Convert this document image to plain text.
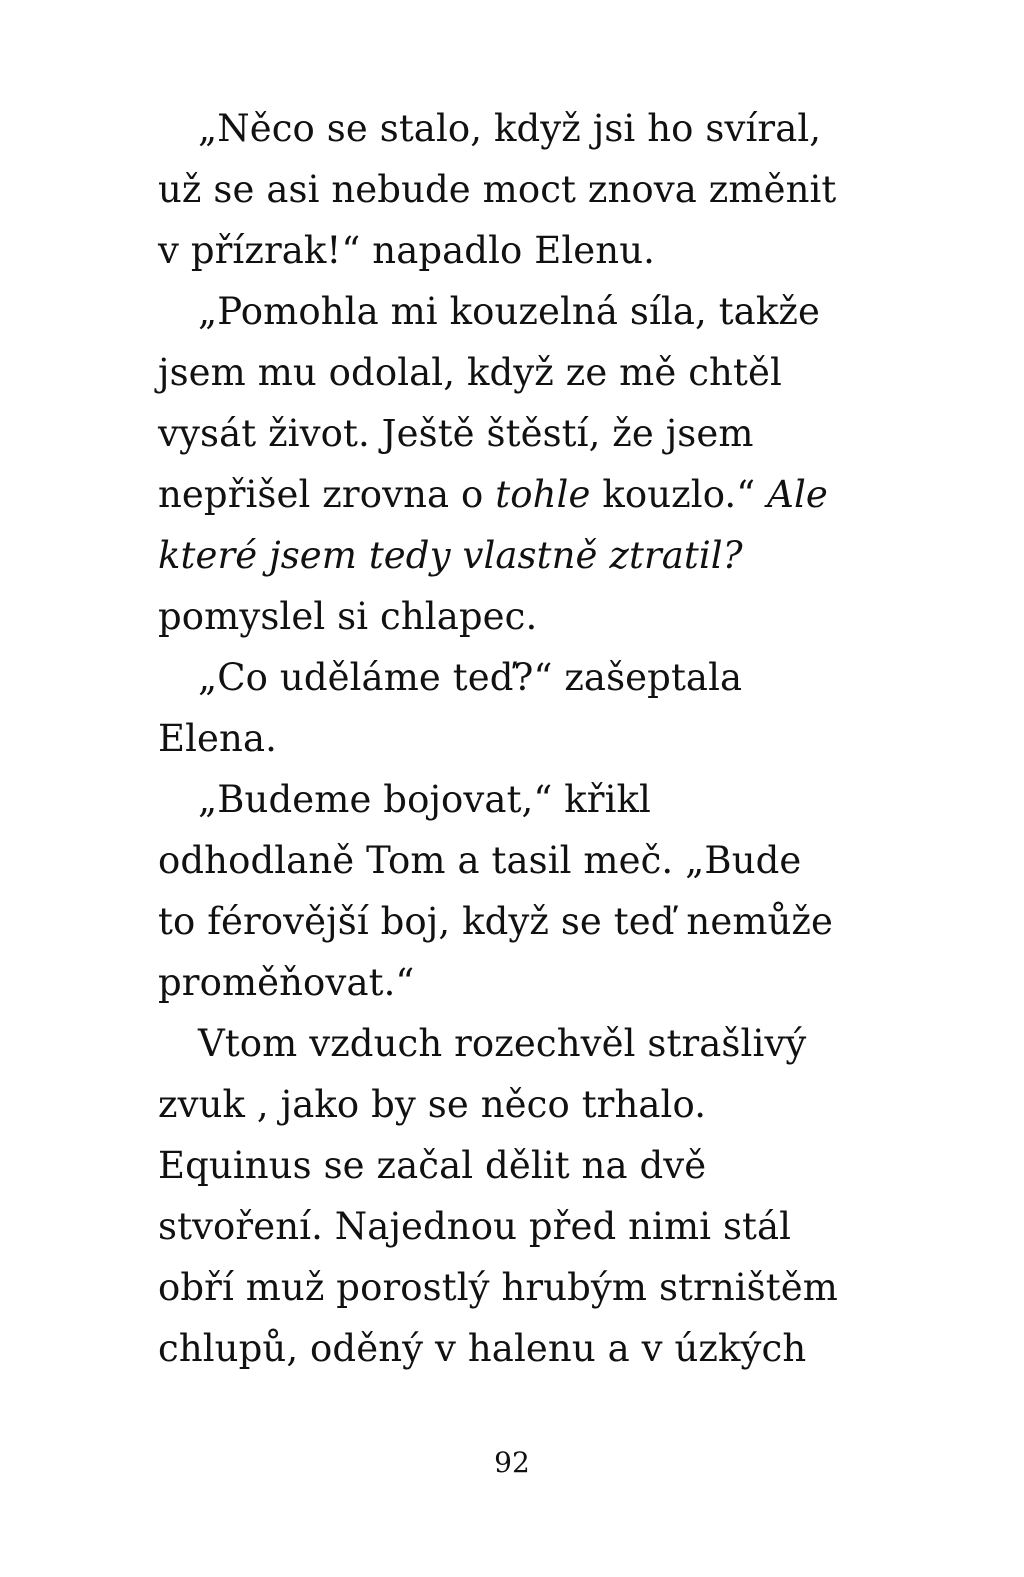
„Něco se stalo, když jsi ho svíral,
už se asi nebude moct znova změnit
v přízrak!“ napadlo Elenu.
„Pomohla mi kouzelná síla, takže
jsem mu odolal, když ze mě chtěl
vysát život. Ještě štěstí, že jsem
nepřišel zrovna o tohle kouzlo.“ Ale
které jsem tedy vlastně ztratil?
pomyslel si chlapec.
„Co uděláme teď?“ zašeptala
Elena.
„Budeme bojovat,“ křikl
odhodlaně Tom a tasil meč. „Bude
to férovější boj, když se teď nemůže
proměňovat.“
Vtom vzduch rozechvěl strašlivý
zvuk , jako by se něco trhalo.
Equinus se začal dělit na dvě
stvoření. Najednou před nimi stál
obří muž porostlý hrubým strništěm
chlupů, oděný v halenu a v úzkých
92
